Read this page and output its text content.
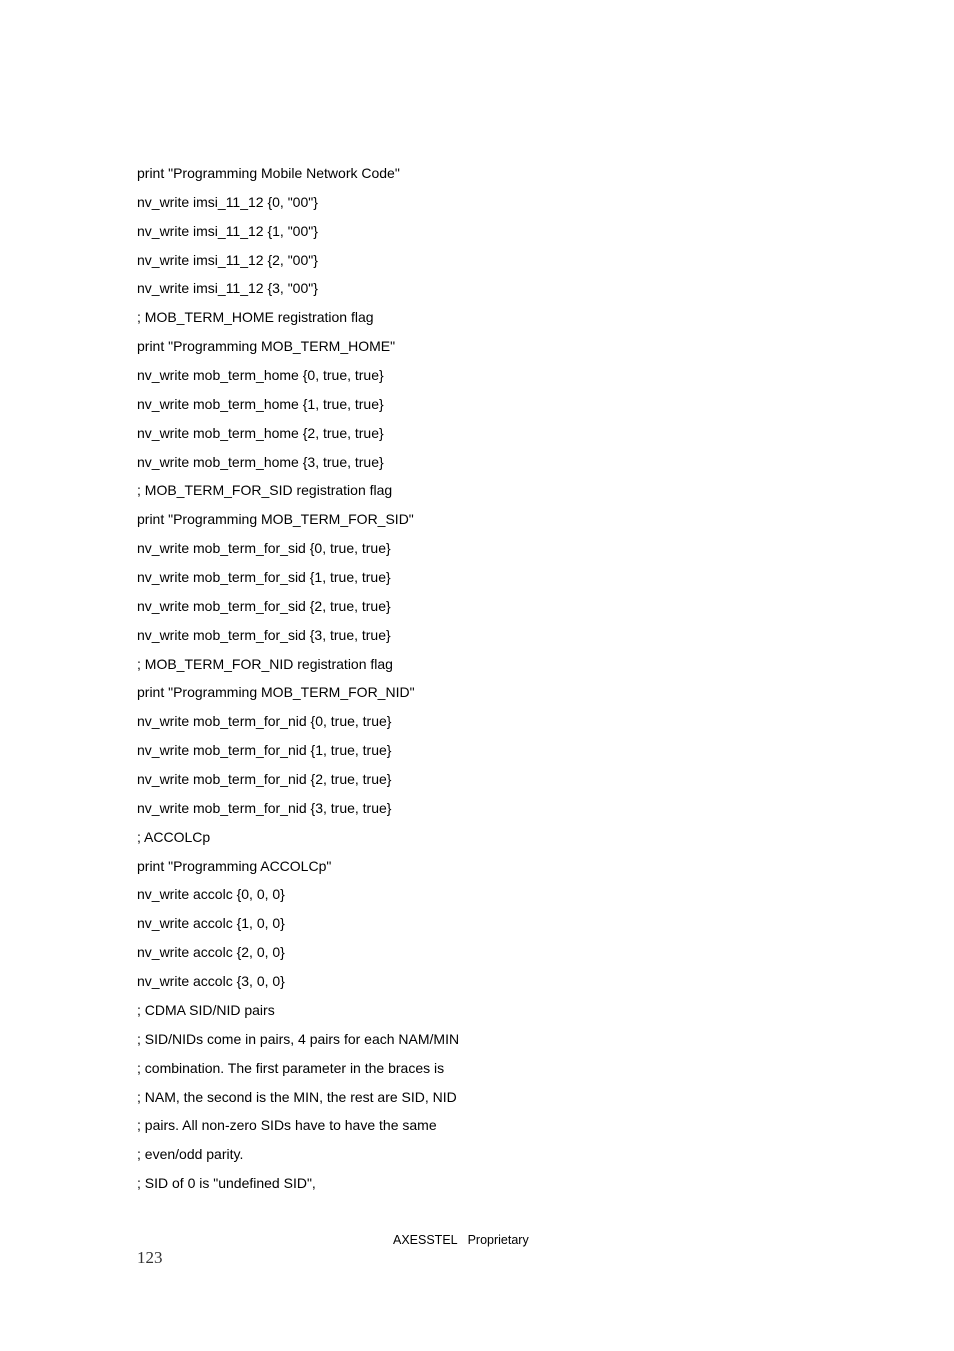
print "Programming Mobile Network Code"
nv_write imsi_11_12 {0, "00"}
nv_write imsi_11_12 {1, "00"}
nv_write imsi_11_12 {2, "00"}
nv_write imsi_11_12 {3, "00"}
; MOB_TERM_HOME registration flag
print "Programming MOB_TERM_HOME"
nv_write mob_term_home {0, true, true}
nv_write mob_term_home {1, true, true}
nv_write mob_term_home {2, true, true}
nv_write mob_term_home {3, true, true}
; MOB_TERM_FOR_SID registration flag
print "Programming MOB_TERM_FOR_SID"
nv_write mob_term_for_sid {0, true, true}
nv_write mob_term_for_sid {1, true, true}
nv_write mob_term_for_sid {2, true, true}
nv_write mob_term_for_sid {3, true, true}
; MOB_TERM_FOR_NID registration flag
print "Programming MOB_TERM_FOR_NID"
nv_write mob_term_for_nid {0, true, true}
nv_write mob_term_for_nid {1, true, true}
nv_write mob_term_for_nid {2, true, true}
nv_write mob_term_for_nid {3, true, true}
; ACCOLCp
print "Programming ACCOLCp"
nv_write accolc {0, 0, 0}
nv_write accolc {1, 0, 0}
nv_write accolc {2, 0, 0}
nv_write accolc {3, 0, 0}
; CDMA SID/NID pairs
; SID/NIDs come in pairs, 4 pairs for each NAM/MIN
; combination. The first parameter in the braces is
; NAM, the second is the MIN, the rest are SID, NID
; pairs. All non-zero SIDs have to have the same
; even/odd parity.
; SID of 0 is "undefined SID",
AXESSTEL   Proprietary
123
